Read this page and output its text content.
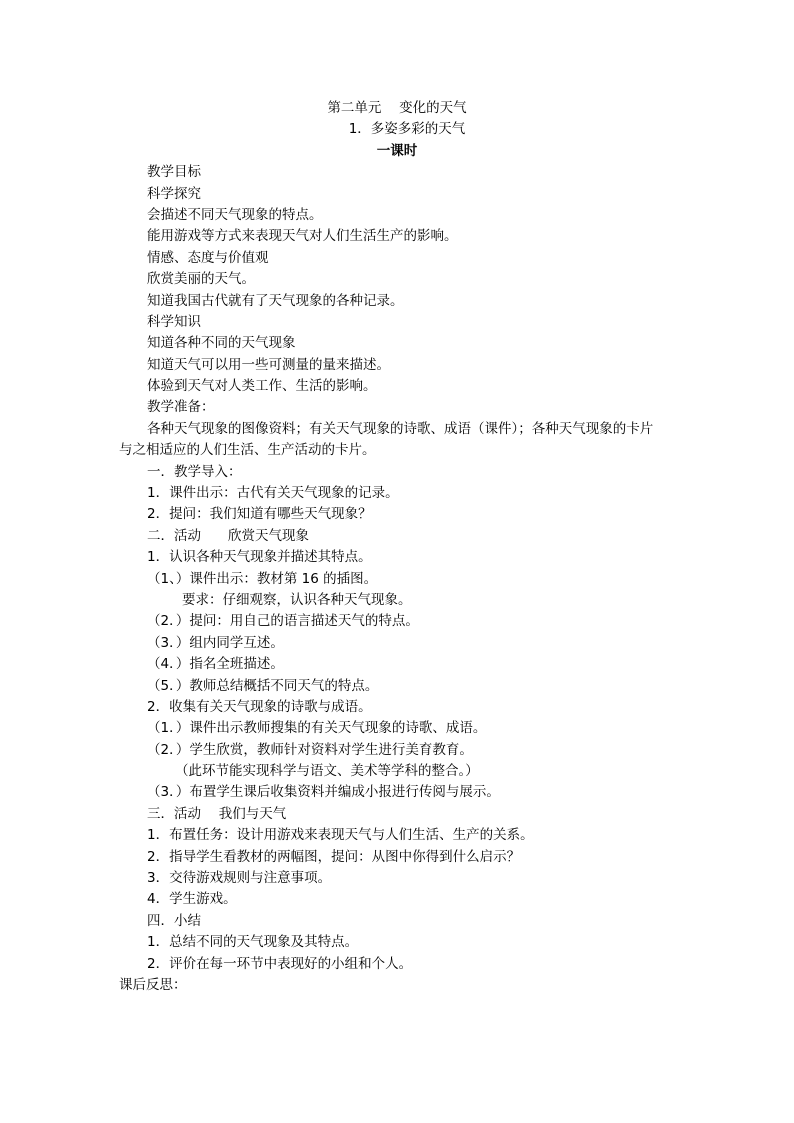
第二单元　 变化的天气
1．多姿多彩的天气
一课时
教学目标
科学探究
会描述不同天气现象的特点。
能用游戏等方式来表现天气对人们生活生产的影响。
情感、态度与价值观
欣赏美丽的天气。
知道我国古代就有了天气现象的各种记录。
科学知识
知道各种不同的天气现象
知道天气可以用一些可测量的量来描述。
体验到天气对人类工作、生活的影响。
教学准备：
各种天气现象的图像资料；有关天气现象的诗歌、成语（课件）；各种天气现象的卡片
与之相适应的人们生活、生产活动的卡片。
一．教学导入：
1．课件出示：古代有关天气现象的记录。
2．提问：我们知道有哪些天气现象？
二．活动　　欣赏天气现象
1．认识各种天气现象并描述其特点。
（1、）课件出示：教材第 16 的插图。
要求：仔细观察，认识各种天气现象。
（2．）提问：用自己的语言描述天气的特点。
（3．）组内同学互述。
（4．）指名全班描述。
（5．）教师总结概括不同天气的特点。
2．收集有关天气现象的诗歌与成语。
（1．）课件出示教师搜集的有关天气现象的诗歌、成语。
（2．）学生欣赏，教师针对资料对学生进行美育教育。
（此环节能实现科学与语文、美术等学科的整合。）
（3．）布置学生课后收集资料并编成小报进行传阅与展示。
三．活动　 我们与天气
1．布置任务：设计用游戏来表现天气与人们生活、生产的关系。
2．指导学生看教材的两幅图，提问：从图中你得到什么启示？
3．交待游戏规则与注意事项。
4．学生游戏。
四．小结
1．总结不同的天气现象及其特点。
2．评价在每一环节中表现好的小组和个人。
课后反思：
